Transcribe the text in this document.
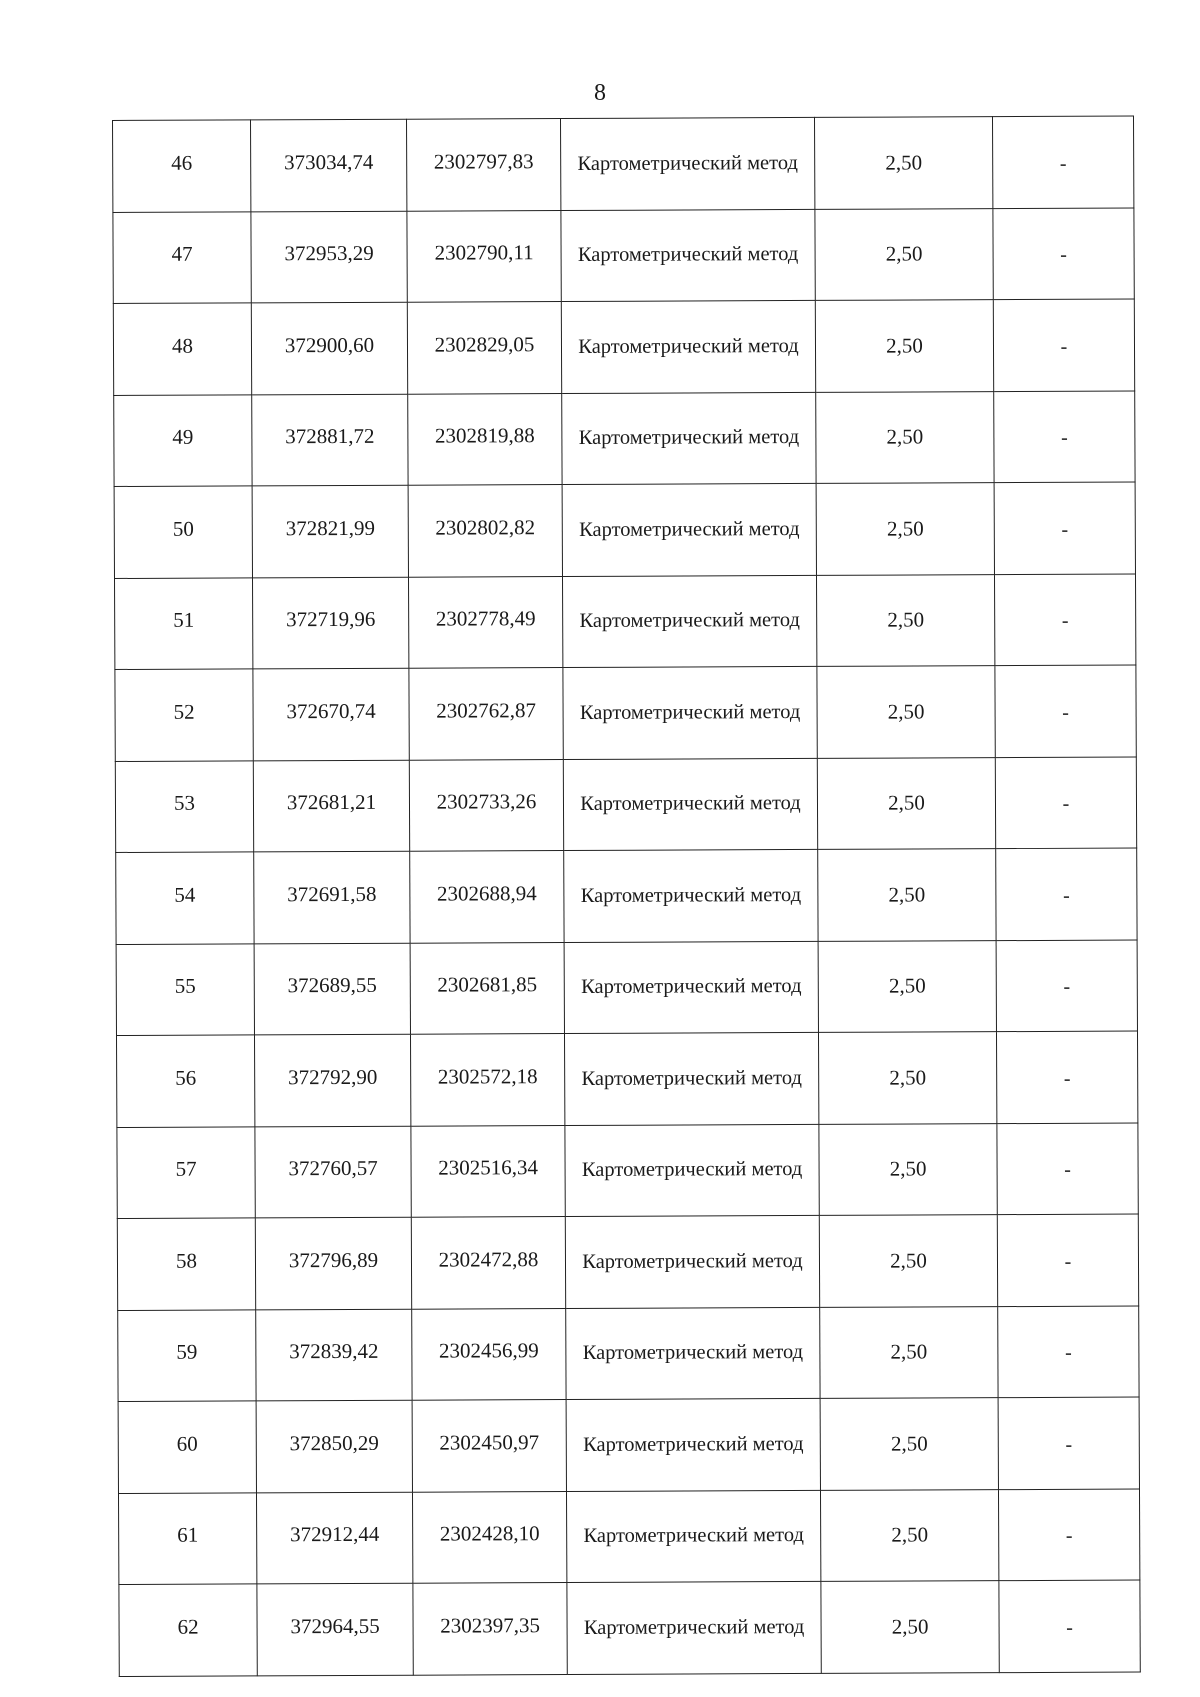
8
46	373034,74	2302797,83	Картометрический метод	2,50	-
47	372953,29	2302790,11	Картометрический метод	2,50	-
48	372900,60	2302829,05	Картометрический метод	2,50	-
49	372881,72	2302819,88	Картометрический метод	2,50	-
50	372821,99	2302802,82	Картометрический метод	2,50	-
51	372719,96	2302778,49	Картометрический метод	2,50	-
52	372670,74	2302762,87	Картометрический метод	2,50	-
53	372681,21	2302733,26	Картометрический метод	2,50	-
54	372691,58	2302688,94	Картометрический метод	2,50	-
55	372689,55	2302681,85	Картометрический метод	2,50	-
56	372792,90	2302572,18	Картометрический метод	2,50	-
57	372760,57	2302516,34	Картометрический метод	2,50	-
58	372796,89	2302472,88	Картометрический метод	2,50	-
59	372839,42	2302456,99	Картометрический метод	2,50	-
60	372850,29	2302450,97	Картометрический метод	2,50	-
61	372912,44	2302428,10	Картометрический метод	2,50	-
62	372964,55	2302397,35	Картометрический метод	2,50	-
